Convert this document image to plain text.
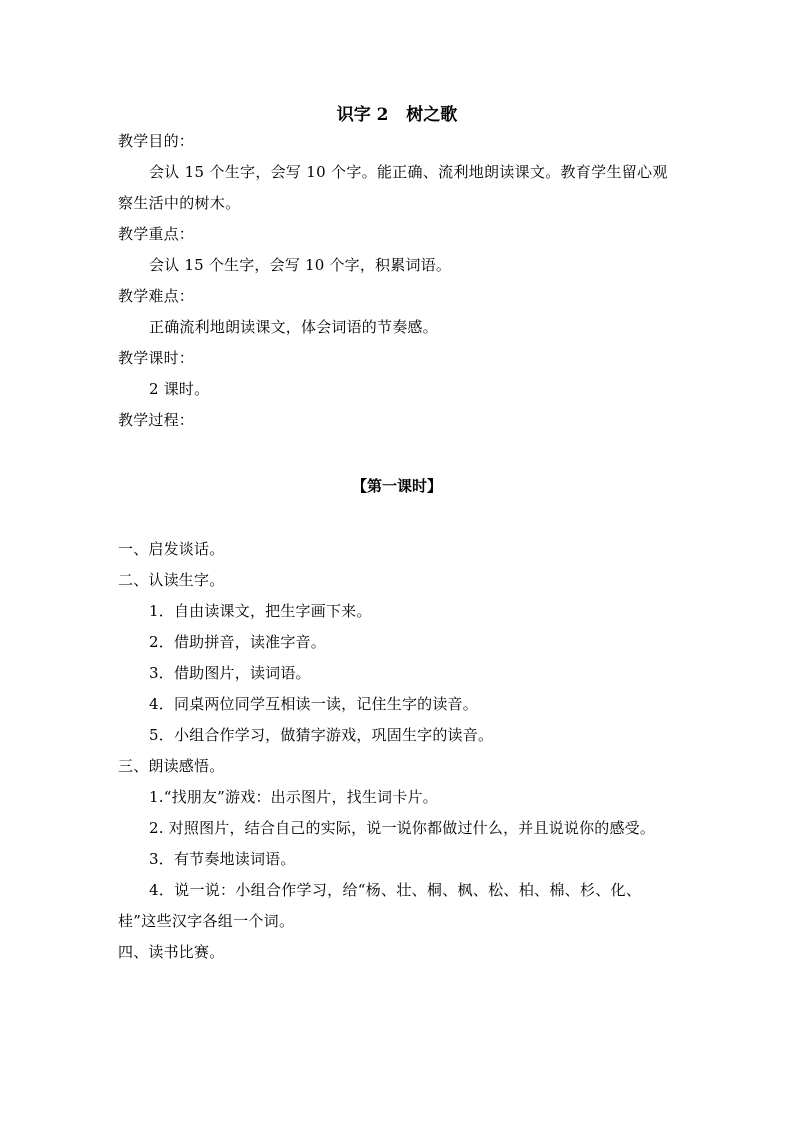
识字 2   树之歌
教学目的：
会认 15 个生字，会写 10 个字。能正确、流利地朗读课文。教育学生留心观察生活中的树木。
教学重点：
会认 15 个生字，会写 10 个字，积累词语。
教学难点：
正确流利地朗读课文，体会词语的节奏感。
教学课时：
2 课时。
教学过程：
【第一课时】
一、启发谈话。
二、认读生字。
1．自由读课文，把生字画下来。
2．借助拼音，读准字音。
3．借助图片，读词语。
4．同桌两位同学互相读一读，记住生字的读音。
5．小组合作学习，做猜字游戏，巩固生字的读音。
三、朗读感悟。
1.“找朋友”游戏：出示图片，找生词卡片。
2. 对照图片，结合自己的实际，说一说你都做过什么，并且说说你的感受。
3．有节奏地读词语。
4．说一说：小组合作学习，给“杨、壮、桐、枫、松、柏、棉、杉、化、桂”这些汉字各组一个词。
四、读书比赛。
